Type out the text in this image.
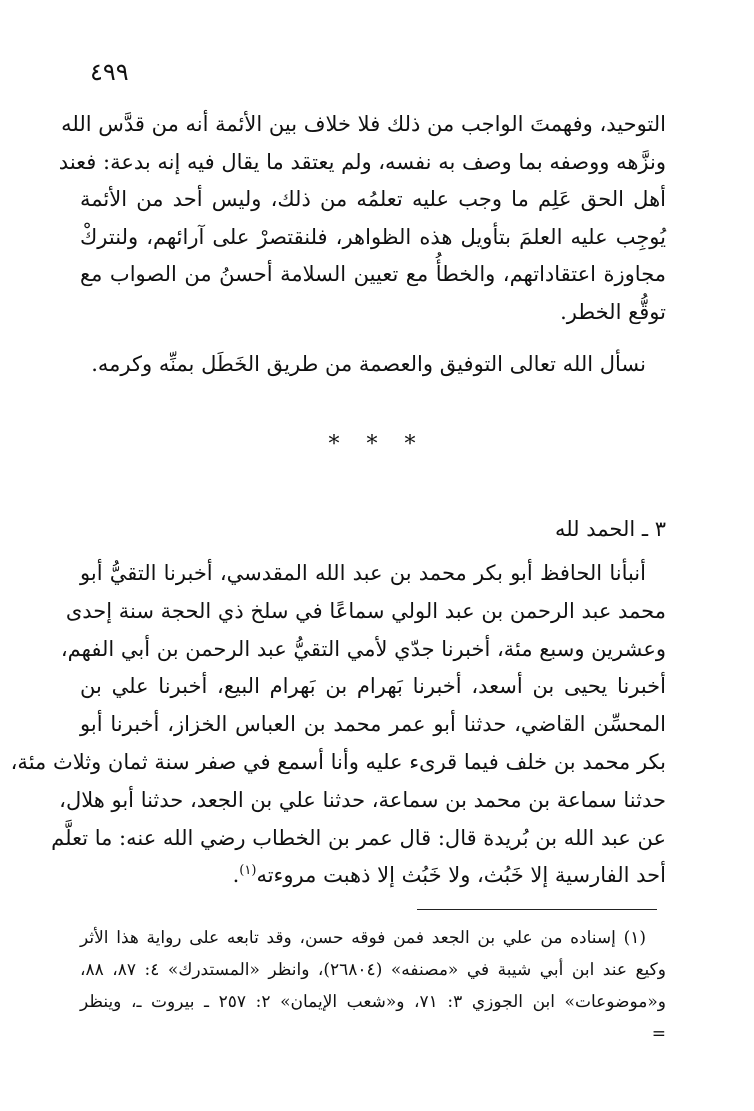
٤٩٩
التوحيد، وفهمتَ الواجب من ذلك فلا خلاف بين الأئمة أنه من قدَّس الله
ونزَّهه ووصفه بما وصف به نفسه، ولم يعتقد ما يقال فيه إنه بدعة: فعند
أهل الحق عَلِم ما وجب عليه تعلمُه من ذلك، وليس أحد من الأئمة
يُوجِب عليه العلمَ بتأويل هذه الظواهر، فلنقتصرْ على آرائهم، ولنتركْ
مجاوزة اعتقاداتهم، والخطأُ مع تعيين السلامة أحسنُ من الصواب مع
توقُّع الخطر.
نسأل الله تعالى التوفيق والعصمة من طريق الخَطَل بمنِّه وكرمه.
* * *
٣ ـ الحمد لله
أنبأنا الحافظ أبو بكر محمد بن عبد الله المقدسي، أخبرنا التقيُّ أبو
محمد عبد الرحمن بن عبد الولي سماعًا في سلخ ذي الحجة سنة إحدى
وعشرين وسبع مئة، أخبرنا جدّي لأمي التقيُّ عبد الرحمن بن أبي الفهم،
أخبرنا يحيى بن أسعد، أخبرنا بَهرام بن بَهرام البيع، أخبرنا علي بن
المحسِّن القاضي، حدثنا أبو عمر محمد بن العباس الخزاز، أخبرنا أبو
بكر محمد بن خلف فيما قرىء عليه وأنا أسمع في صفر سنة ثمان وثلاث مئة،
حدثنا سماعة بن محمد بن سماعة، حدثنا علي بن الجعد، حدثنا أبو هلال،
عن عبد الله بن بُريدة قال: قال عمر بن الخطاب رضي الله عنه: ما تعلَّم
أحد الفارسية إلا خَبُث، ولا خَبُث إلا ذهبت مروءته$^{(١)}$.
(١) إسناده من علي بن الجعد فمن فوقه حسن، وقد تابعه على رواية هذا الأثر
وكيع عند ابن أبي شيبة في «مصنفه» (٢٦٨٠٤)، وانظر «المستدرك» ٤: ٨٧، ٨٨،
و«موضوعات» ابن الجوزي ٣: ٧١، و«شعب الإيمان» ٢: ٢٥٧ ـ بيروت ـ، وينظر
=
